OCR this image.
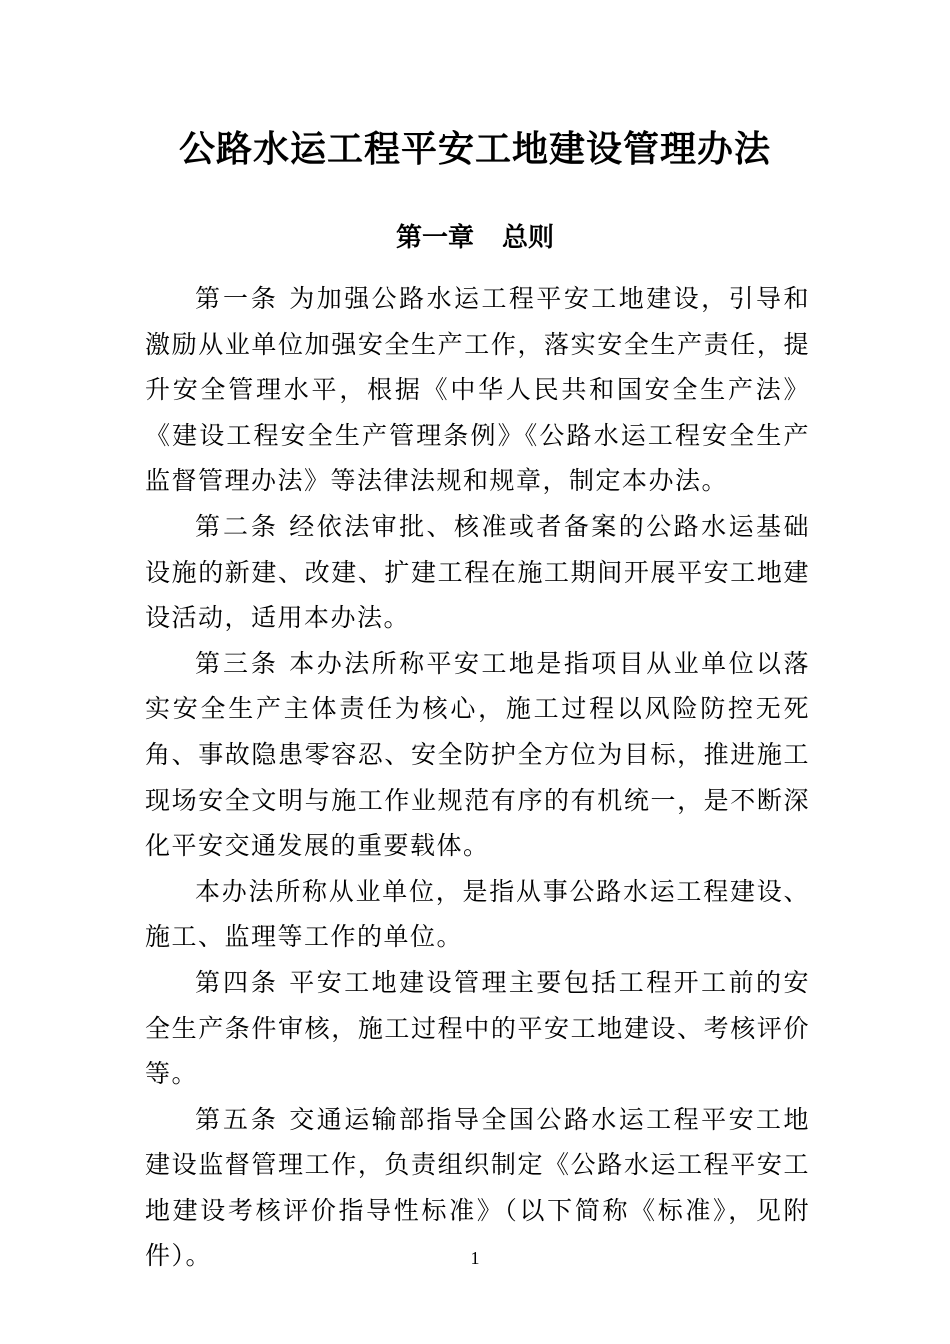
公路水运工程平安工地建设管理办法
第一章 总则

第一条 为加强公路水运工程平安工地建设，引导和激励从业单位加强安全生产工作，落实安全生产责任，提升安全管理水平，根据《中华人民共和国安全生产法》《建设工程安全生产管理条例》《公路水运工程安全生产监督管理办法》等法律法规和规章，制定本办法。

第二条 经依法审批、核准或者备案的公路水运基础设施的新建、改建、扩建工程在施工期间开展平安工地建设活动，适用本办法。

第三条 本办法所称平安工地是指项目从业单位以落实安全生产主体责任为核心，施工过程以风险防控无死角、事故隐患零容忍、安全防护全方位为目标，推进施工现场安全文明与施工作业规范有序的有机统一，是不断深化平安交通发展的重要载体。

本办法所称从业单位，是指从事公路水运工程建设、施工、监理等工作的单位。

第四条 平安工地建设管理主要包括工程开工前的安全生产条件审核，施工过程中的平安工地建设、考核评价等。

第五条 交通运输部指导全国公路水运工程平安工地建设监督管理工作，负责组织制定《公路水运工程平安工地建设考核评价指导性标准》（以下简称《标准》，见附件）。	1
